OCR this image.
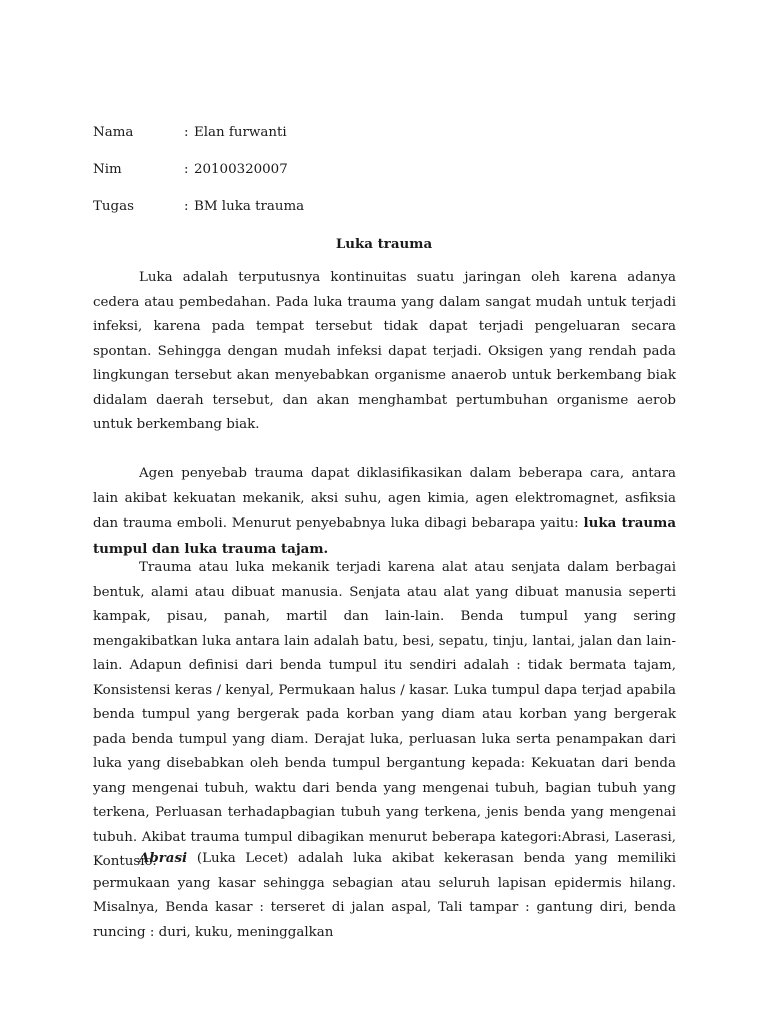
Nama	: Elan furwanti
Nim	: 20100320007
Tugas	: BM luka trauma
Luka trauma
Luka adalah terputusnya kontinuitas suatu jaringan oleh karena adanya cedera atau pembedahan. Pada luka trauma yang dalam sangat mudah untuk terjadi infeksi, karena pada tempat tersebut tidak dapat terjadi pengeluaran secara spontan. Sehingga dengan mudah infeksi dapat terjadi. Oksigen yang rendah pada lingkungan tersebut akan menyebabkan organisme anaerob untuk berkembang biak didalam daerah tersebut, dan akan menghambat pertumbuhan organisme aerob untuk berkembang biak.
Agen penyebab trauma dapat diklasifikasikan dalam beberapa cara, antara lain akibat kekuatan mekanik, aksi suhu, agen kimia, agen elektromagnet, asfiksia dan trauma emboli. Menurut penyebabnya luka dibagi bebarapa yaitu: luka trauma tumpul dan luka trauma tajam.
Trauma atau luka mekanik terjadi karena alat atau senjata dalam berbagai bentuk, alami atau dibuat manusia. Senjata atau alat yang dibuat manusia seperti kampak, pisau, panah, martil dan lain-lain. Benda tumpul yang sering mengakibatkan luka antara lain adalah batu, besi, sepatu, tinju, lantai, jalan dan lain-lain. Adapun definisi dari benda tumpul itu sendiri adalah : tidak bermata tajam, Konsistensi keras / kenyal, Permukaan halus / kasar. Luka tumpul dapa terjad apabila benda tumpul yang bergerak pada korban yang diam atau korban yang bergerak pada benda tumpul yang diam. Derajat luka, perluasan luka serta penampakan dari luka yang disebabkan oleh benda tumpul bergantung kepada: Kekuatan dari benda yang mengenai tubuh, waktu dari benda yang mengenai tubuh, bagian tubuh yang terkena, Perluasan terhadapbagian tubuh yang terkena, jenis benda yang mengenai tubuh. Akibat trauma tumpul dibagikan menurut beberapa kategori:Abrasi, Laserasi, Kontusio.
Abrasi (Luka Lecet) adalah luka akibat kekerasan benda yang memiliki permukaan yang kasar sehingga sebagian atau seluruh lapisan epidermis hilang. Misalnya, Benda kasar : terseret di jalan aspal, Tali tampar : gantung diri, benda runcing : duri, kuku, meninggalkan
